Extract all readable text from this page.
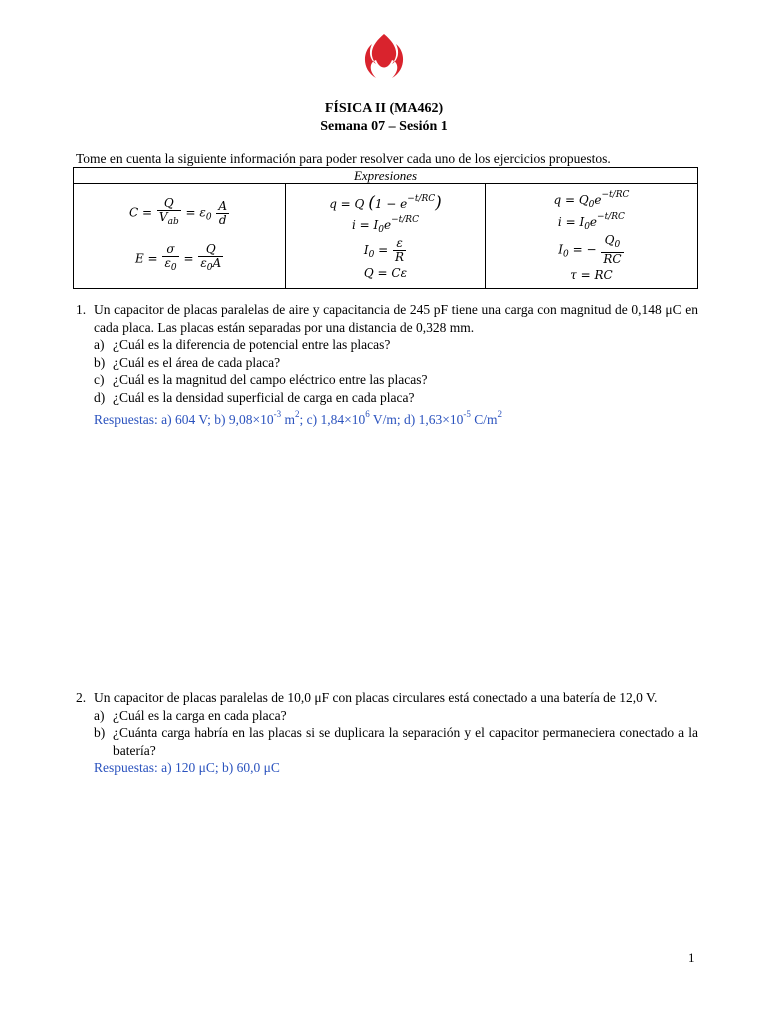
FÍSICA II (MA462)
Semana 07 – Sesión 1
Tome en cuenta la siguiente información para poder resolver cada uno de los ejercicios propuestos.
Expresiones

$C = \frac{Q}{V_{ab}} = \varepsilon_0 \frac{A}{d}$
$E = \frac{\sigma}{\varepsilon_0} = \frac{Q}{\varepsilon_0A}$

q = Q $(1 - e^{-t/RC})$
$i = I_0e^{-t/RC}$
$I_0 = \frac{\varepsilon}{R}$
Q = Cε

$q = Q_0e^{-t/RC}$
$i = I_0e^{-t/RC}$
$I_0$ = − $\frac{Q_0}{RC}$
τ = RC
1. Un capacitor de placas paralelas de aire y capacitancia de 245 pF tiene una carga con magnitud de 0,148 μC en cada placa. Las placas están separadas por una distancia de 0,328 mm.
a) ¿Cuál es la diferencia de potencial entre las placas?
b) ¿Cuál es el área de cada placa?
c) ¿Cuál es la magnitud del campo eléctrico entre las placas?
d) ¿Cuál es la densidad superficial de carga en cada placa?
Respuestas: a) 604 V; b) $9,08\times 10^{-3}$ $m^2$; c) $1,84\times 10^6$ V/m; d) $1,63\times 10^{-5}$ $C/m^2$
2. Un capacitor de placas paralelas de 10,0 μF con placas circulares está conectado a una batería de 12,0 V.
a) ¿Cuál es la carga en cada placa?
b) ¿Cuánta carga habría en las placas si se duplicara la separación y el capacitor permaneciera conectado a la batería?
Respuestas: a) 120 μC; b) 60,0 μC
1
